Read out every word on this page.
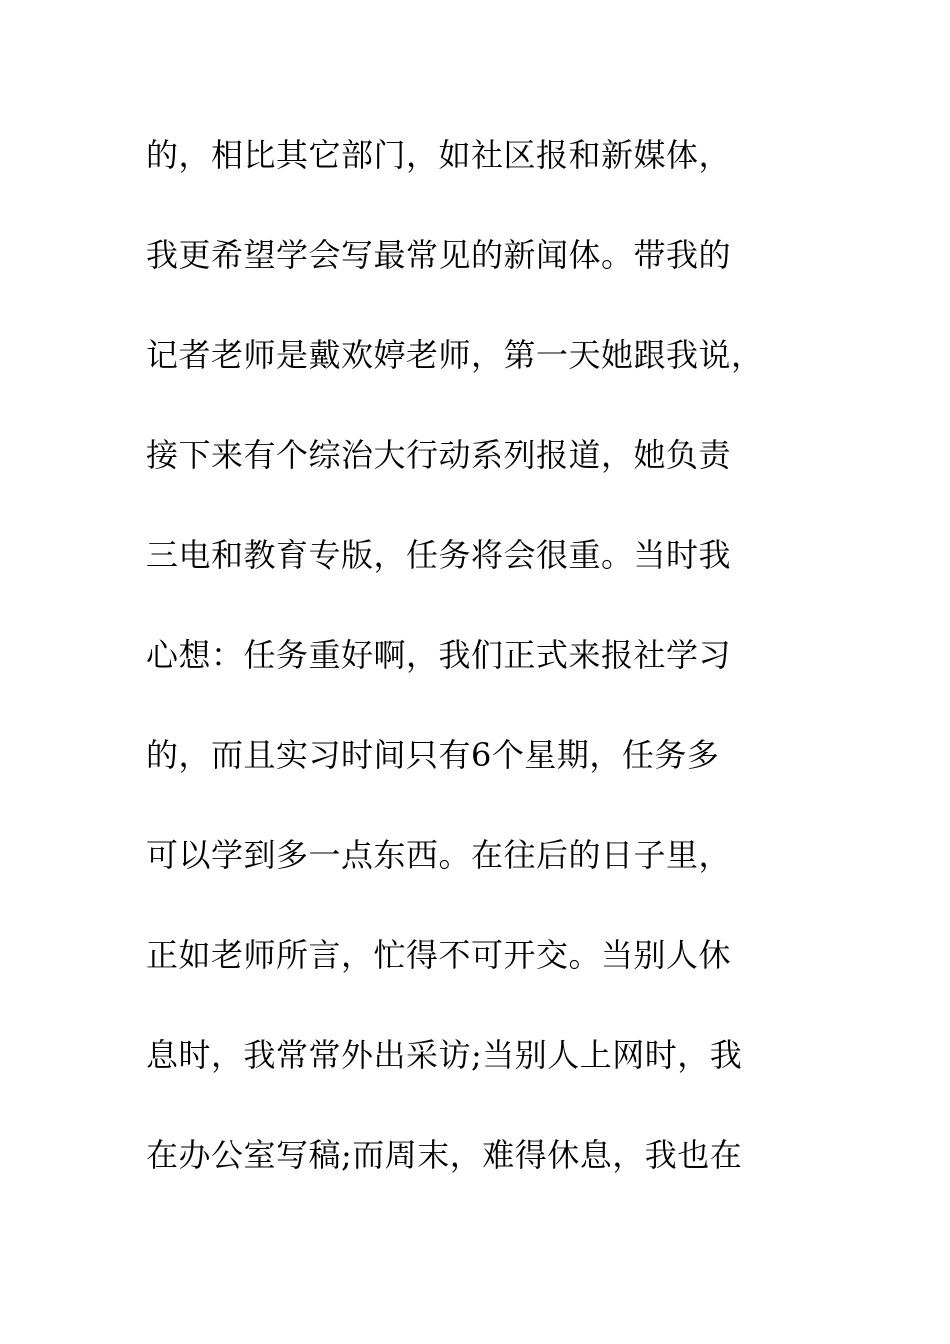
的，相比其它部门，如社区报和新媒体，
我更希望学会写最常见的新闻体。带我的
记者老师是戴欢婷老师，第一天她跟我说，
接下来有个综治大行动系列报道，她负责
三电和教育专版，任务将会很重。当时我
心想：任务重好啊，我们正式来报社学习
的，而且实习时间只有6个星期，任务多
可以学到多一点东西。在往后的日子里，
正如老师所言，忙得不可开交。当别人休
息时，我常常外出采访;当别人上网时，我
在办公室写稿;而周末，难得休息，我也在
